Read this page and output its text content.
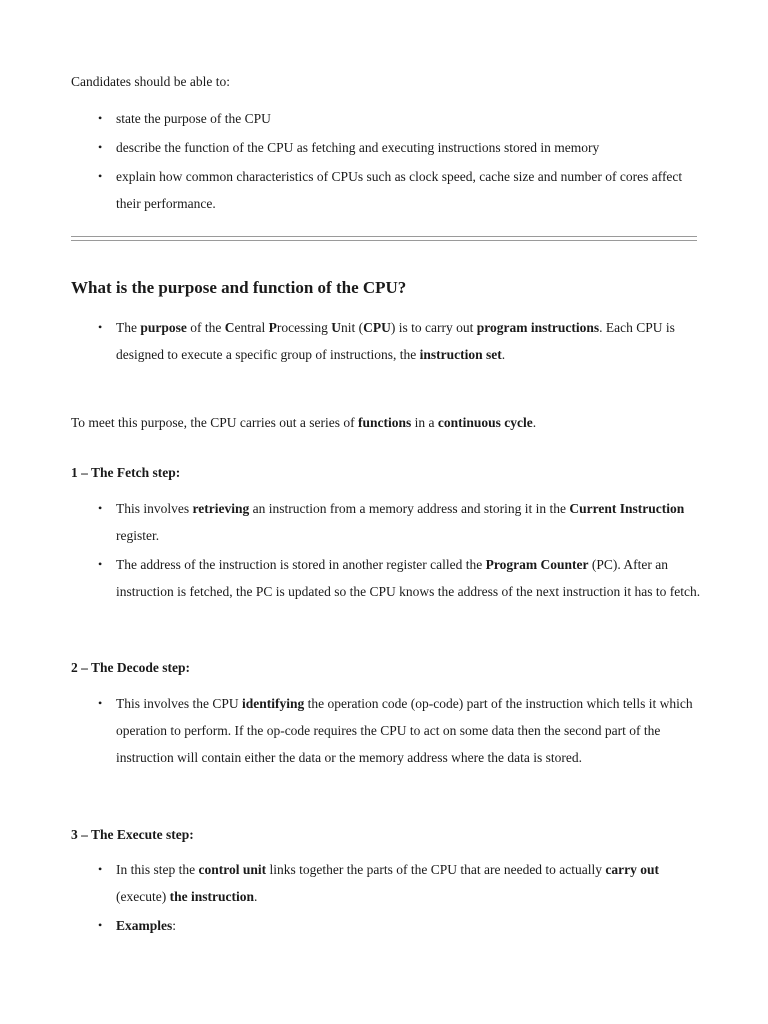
Candidates should be able to:

• state the purpose of the CPU
• describe the function of the CPU as fetching and executing instructions stored in memory
• explain how common characteristics of CPUs such as clock speed, cache size and number of cores affect their performance.
What is the purpose and function of the CPU?
• The purpose of the Central Processing Unit (CPU) is to carry out program instructions. Each CPU is designed to execute a specific group of instructions, the instruction set.

To meet this purpose, the CPU carries out a series of functions in a continuous cycle.

1 – The Fetch step:

• This involves retrieving an instruction from a memory address and storing it in the Current Instruction register.
• The address of the instruction is stored in another register called the Program Counter (PC). After an instruction is fetched, the PC is updated so the CPU knows the address of the next instruction it has to fetch.

2 – The Decode step:

• This involves the CPU identifying the operation code (op-code) part of the instruction which tells it which operation to perform. If the op-code requires the CPU to act on some data then the second part of the instruction will contain either the data or the memory address where the data is stored.

3 – The Execute step:

• In this step the control unit links together the parts of the CPU that are needed to actually carry out (execute) the instruction.
• Examples:
